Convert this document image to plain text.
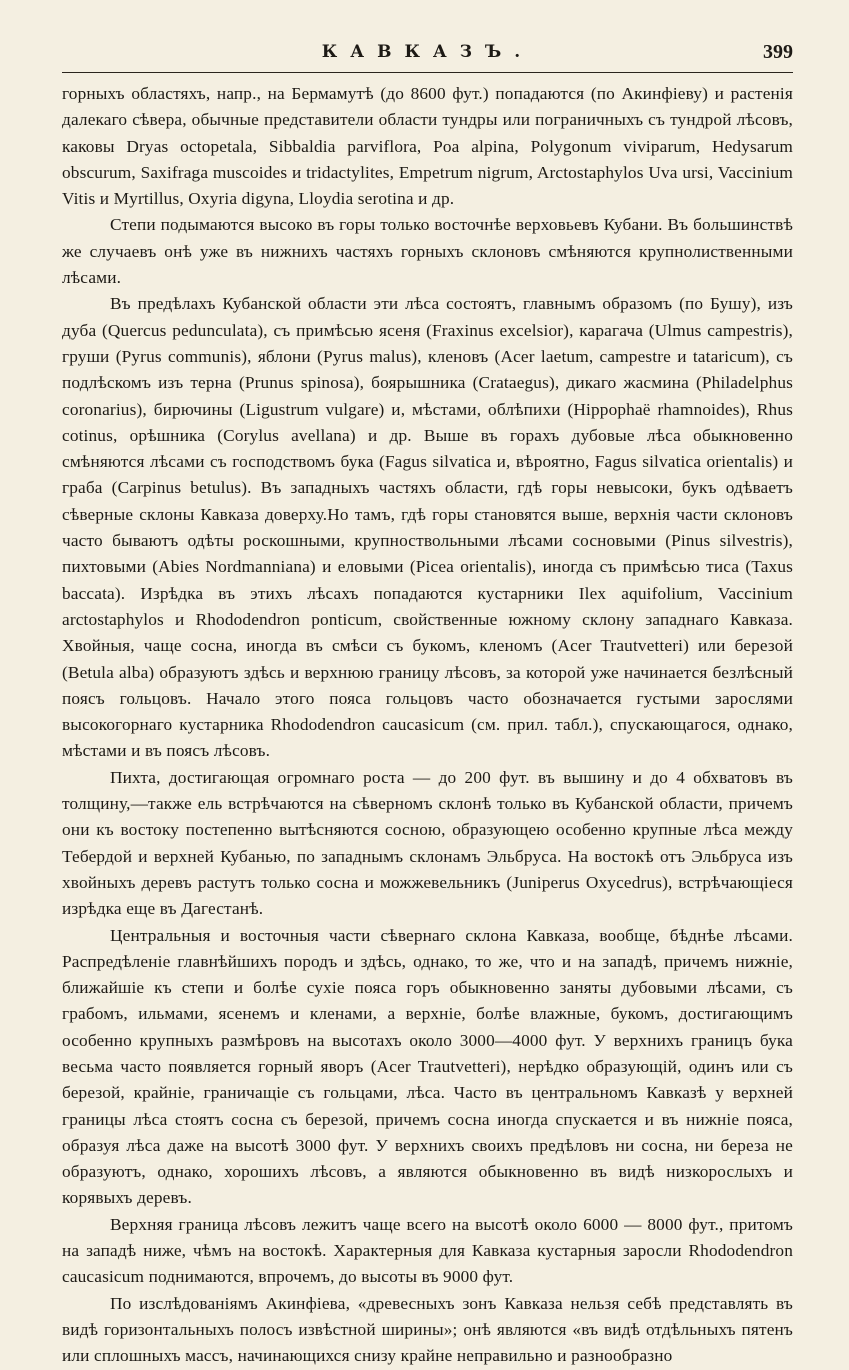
КАВКАЗЪ.	399

горныхъ областяхъ, напр., на Бермамутѣ (до 8600 фут.) попадаются (по Акинфіеву) и растенія далекаго сѣвера, обычные представители области тундры или пограничныхъ съ тундрой лѣсовъ, каковы Dryas octopetala, Sibbaldia parviflora, Poa alpina, Polygonum viviparum, Hedysarum obscurum, Saxifraga muscoides и tridactylites, Empetrum nigrum, Arctostaphylos Uva ursi, Vaccinium Vitis и Myrtillus, Oxyria digyna, Lloydia serotina и др.

Степи подымаются высоко въ горы только восточнѣе верховьевъ Кубани. Въ большинствѣ же случаевъ онѣ уже въ нижнихъ частяхъ горныхъ склоновъ смѣняются крупнолиственными лѣсами.

Въ предѣлахъ Кубанской области эти лѣса состоятъ, главнымъ образомъ (по Бушу), изъ дуба (Quercus pedunculata), съ примѣсью ясеня (Fraxinus excelsior), карагача (Ulmus campestris), груши (Pyrus communis), яблони (Pyrus malus), кленовъ (Acer laetum, campestre и tataricum), съ подлѣскомъ изъ терна (Prunus spinosa), боярышника (Crataegus), дикаго жасмина (Philadelphus coronarius), бирючины (Ligustrum vulgare) и, мѣстами, облѣпихи (Hippophaë rhamnoides), Rhus cotinus, орѣшника (Corylus avellana) и др. Выше въ горахъ дубовые лѣса обыкновенно смѣняются лѣсами съ господствомъ бука (Fagus silvatica и, вѣроятно, Fagus silvatica orientalis) и граба (Carpinus betulus). Въ западныхъ частяхъ области, гдѣ горы невысоки, букъ одѣваетъ сѣверные склоны Кавказа доверху.Но тамъ, гдѣ горы становятся выше, верхнія части склоновъ часто бываютъ одѣты роскошными, крупноствольными лѣсами сосновыми (Pinus silvestris), пихтовыми (Abies Nordmanniana) и еловыми (Picea orientalis), иногда съ примѣсью тиса (Taxus baccata). Изрѣдка въ этихъ лѣсахъ попадаются кустарники Ilex aquifolium, Vaccinium arctostaphylos и Rhododendron ponticum, свойственные южному склону западнаго Кавказа. Хвойныя, чаще сосна, иногда въ смѣси съ букомъ, кленомъ (Acer Trautvetteri) или березой (Betula alba) образуютъ здѣсь и верхнюю границу лѣсовъ, за которой уже начинается безлѣсный поясъ гольцовъ. Начало этого пояса гольцовъ часто обозначается густыми зарослями высокогорнаго кустарника Rhododendron caucasicum (см. прил. табл.), спускающагося, однако, мѣстами и въ поясъ лѣсовъ.

Пихта, достигающая огромнаго роста — до 200 фут. въ вышину и до 4 обхватовъ въ толщину,—также ель встрѣчаются на сѣверномъ склонѣ только въ Кубанской области, причемъ они къ востоку постепенно вытѣсняются сосною, образующею особенно крупные лѣса между Тебердой и верхней Кубанью, по западнымъ склонамъ Эльбруса. На востокѣ отъ Эльбруса изъ хвойныхъ деревъ растутъ только сосна и можжевельникъ (Juniperus Oxycedrus), встрѣчающіеся изрѣдка еще въ Дагестанѣ.

Центральныя и восточныя части сѣвернаго склона Кавказа, вообще, бѣднѣе лѣсами. Распредѣленіе главнѣйшихъ породъ и здѣсь, однако, то же, что и на западѣ, причемъ нижніе, ближайшіе къ степи и болѣе сухіе пояса горъ обыкновенно заняты дубовыми лѣсами, съ грабомъ, ильмами, ясенемъ и кленами, а верхніе, болѣе влажные, букомъ, достигающимъ особенно крупныхъ размѣровъ на высотахъ около 3000—4000 фут. У верхнихъ границъ бука весьма часто появляется горный яворъ (Acer Trautvetteri), нерѣдко образующій, одинъ или съ березой, крайніе, граничащіе съ гольцами, лѣса. Часто въ центральномъ Кавказѣ у верхней границы лѣса стоятъ сосна съ березой, причемъ сосна иногда спускается и въ нижніе пояса, образуя лѣса даже на высотѣ 3000 фут. У верхнихъ своихъ предѣловъ ни сосна, ни береза не образуютъ, однако, хорошихъ лѣсовъ, а являются обыкновенно въ видѣ низкорослыхъ и корявыхъ деревъ.

Верхняя граница лѣсовъ лежитъ чаще всего на высотѣ около 6000 — 8000 фут., притомъ на западѣ ниже, чѣмъ на востокѣ. Характерныя для Кавказа кустарныя заросли Rhododendron caucasicum поднимаются, впрочемъ, до высоты въ 9000 фут.

По изслѣдованіямъ Акинфіева, «древесныхъ зонъ Кавказа нельзя себѣ представлять въ видѣ горизонтальныхъ полосъ извѣстной ширины»; онѣ являются «въ видѣ отдѣльныхъ пятенъ или сплошныхъ массъ, начинающихся снизу крайне неправильно и разнообразно
